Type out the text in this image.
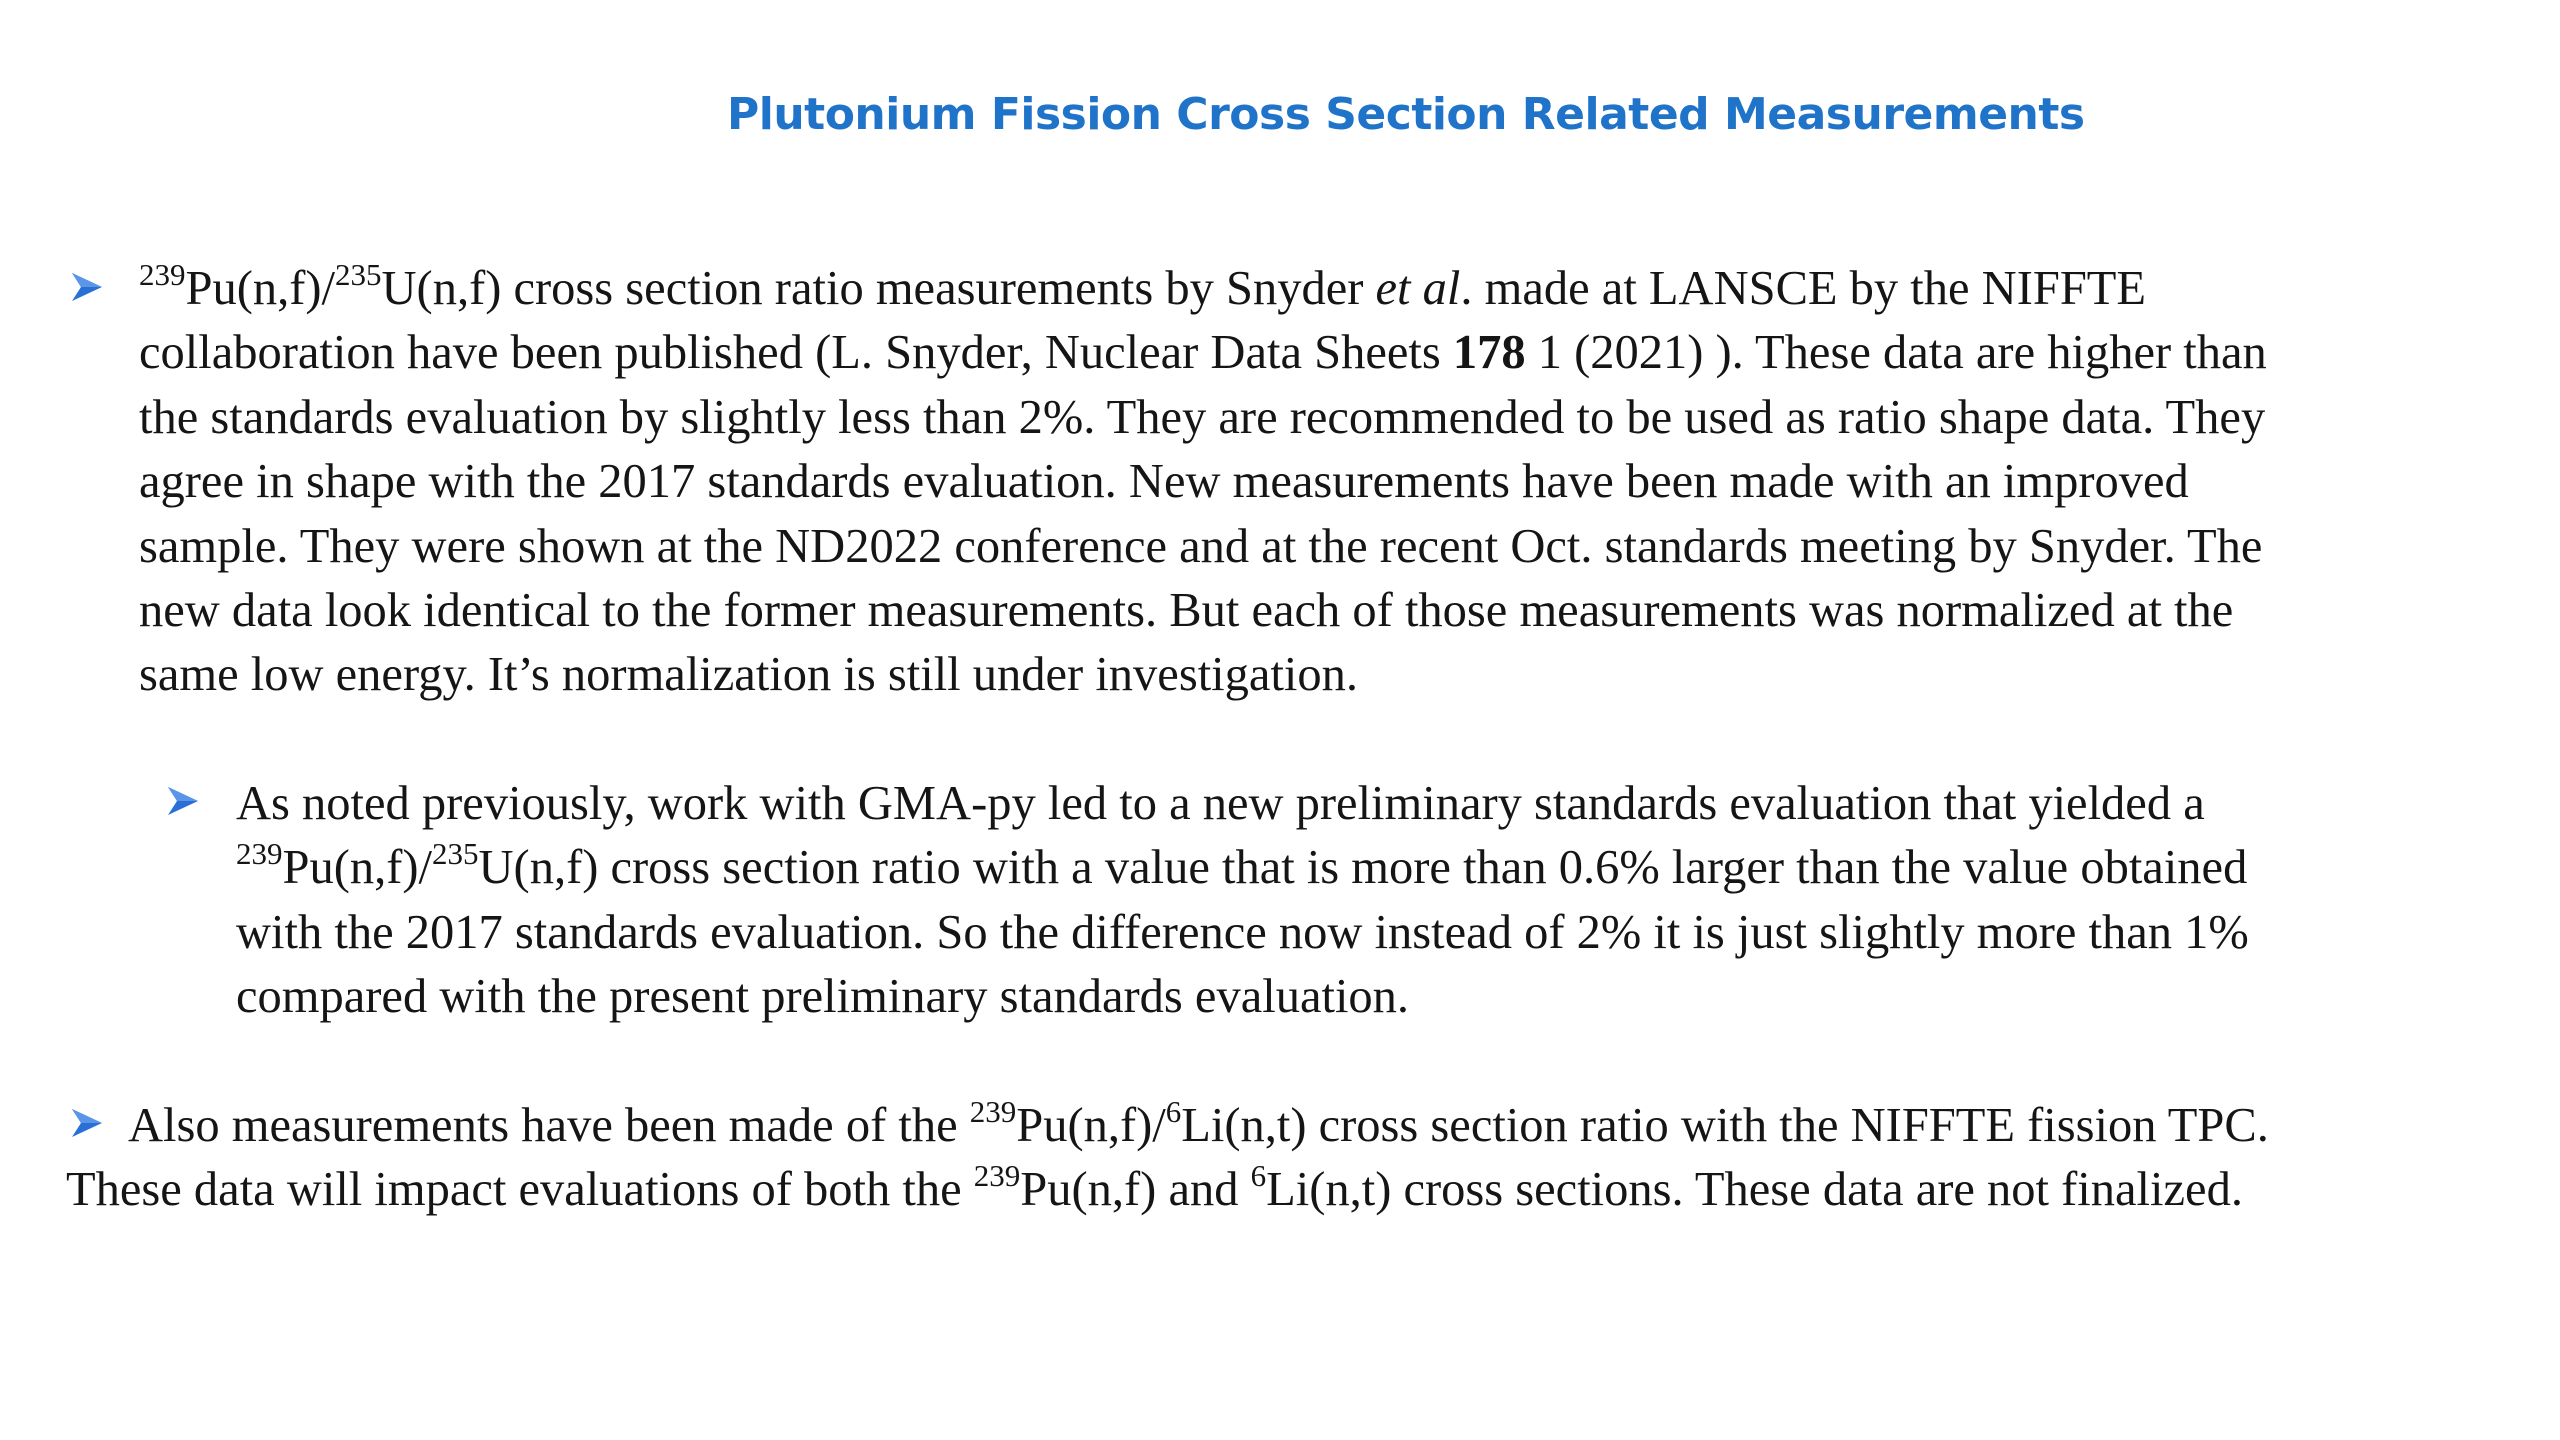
Plutonium Fission Cross Section Related Measurements
$^{239}$Pu(n,f)/$^{235}$U(n,f) cross section ratio measurements by Snyder et al. made at LANSCE by the NIFFTE
collaboration have been published (L. Snyder, Nuclear Data Sheets 178 1 (2021) ). These data are higher than
the standards evaluation by slightly less than 2%. They are recommended to be used as ratio shape data. They
agree in shape with the 2017 standards evaluation. New measurements have been made with an improved
sample. They were shown at the ND2022 conference and at the recent Oct. standards meeting by Snyder. The
new data look identical to the former measurements. But each of those measurements was normalized at the
same low energy. It’s normalization is still under investigation.
As noted previously, work with GMA-py led to a new preliminary standards evaluation that yielded a
$^{239}$Pu(n,f)/$^{235}$U(n,f) cross section ratio with a value that is more than 0.6% larger than the value obtained
with the 2017 standards evaluation. So the difference now instead of 2% it is just slightly more than 1%
compared with the present preliminary standards evaluation.
Also measurements have been made of the $^{239}$Pu(n,f)/$^6$Li(n,t) cross section ratio with the NIFFTE fission TPC.
These data will impact evaluations of both the $^{239}$Pu(n,f) and $^6$Li(n,t) cross sections. These data are not finalized.
